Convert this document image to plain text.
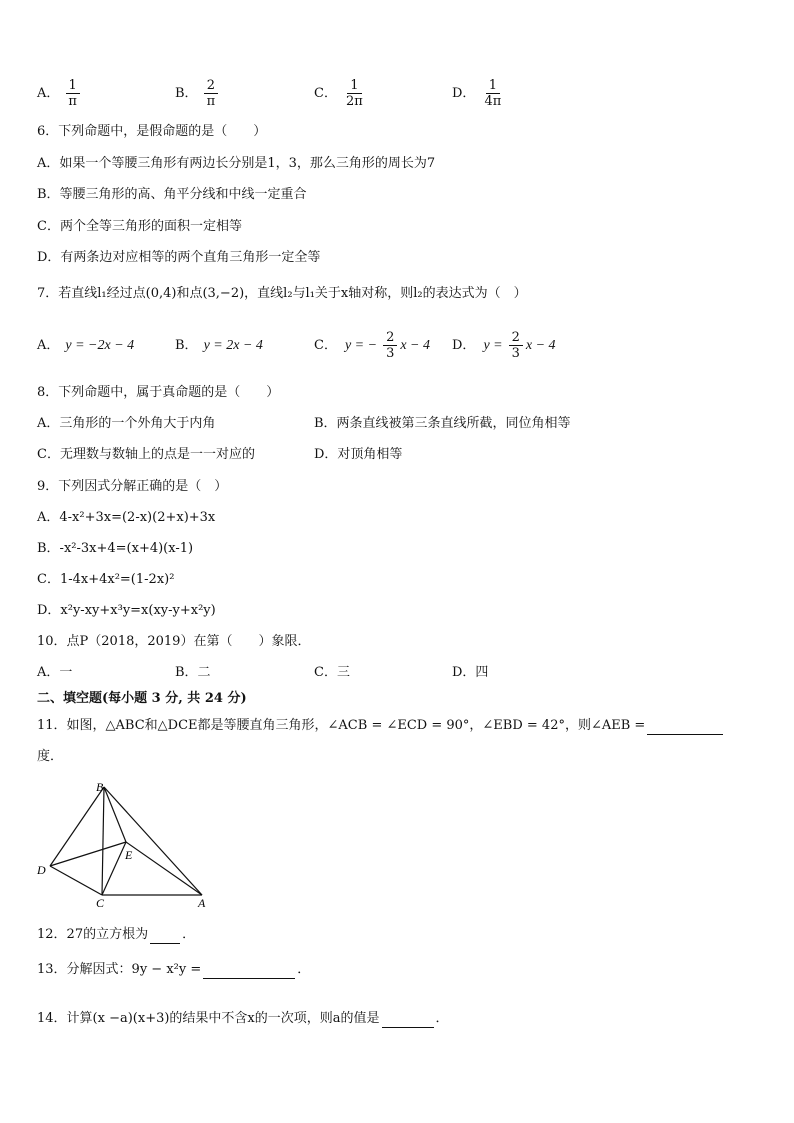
A． $\frac{1}{\pi}$	B． $\frac{2}{\pi}$	C． $\frac{1}{2\pi}$	D． $\frac{1}{4\pi}$
6．下列命题中，是假命题的是（　　）
A．如果一个等腰三角形有两边长分别是1，3，那么三角形的周长为7
B．等腰三角形的高、角平分线和中线一定重合
C．两个全等三角形的面积一定相等
D．有两条边对应相等的两个直角三角形一定全等
7．若直线l₁经过点(0,4)和点(3,−2)，直线l₂与l₁关于x轴对称，则l₂的表达式为（　）
A． y = −2x − 4	B． y = 2x − 4	C． y = − $\frac{2}{3}$ x − 4 D． $y = \frac{2}{3}$ x − 4
8．下列命题中，属于真命题的是（　　）
A．三角形的一个外角大于内角	B．两条直线被第三条直线所截，同位角相等
C．无理数与数轴上的点是一一对应的	D．对顶角相等
9．下列因式分解正确的是（　）
A．4-x²+3x=(2-x)(2+x)+3x
B．-x²-3x+4=(x+4)(x-1)
C．1-4x+4x²=(1-2x)²
D．x²y-xy+x³y=x(xy-y+x²y)
10．点P（2018，2019）在第（　　）象限．
A．一	B．二	C．三	D．四
二、填空题(每小题 3 分, 共 24 分)
11．如图，△ABC和△DCE都是等腰直角三角形，∠ACB = ∠ECD = 90°，∠EBD = 42°，则∠AEB =
度．
B
D
E
C	A
12．27的立方根为	．
13．分解因式：9y − x²y =	．
14．计算(x −a)(x+3)的结果中不含x的一次项，则a的值是	．
